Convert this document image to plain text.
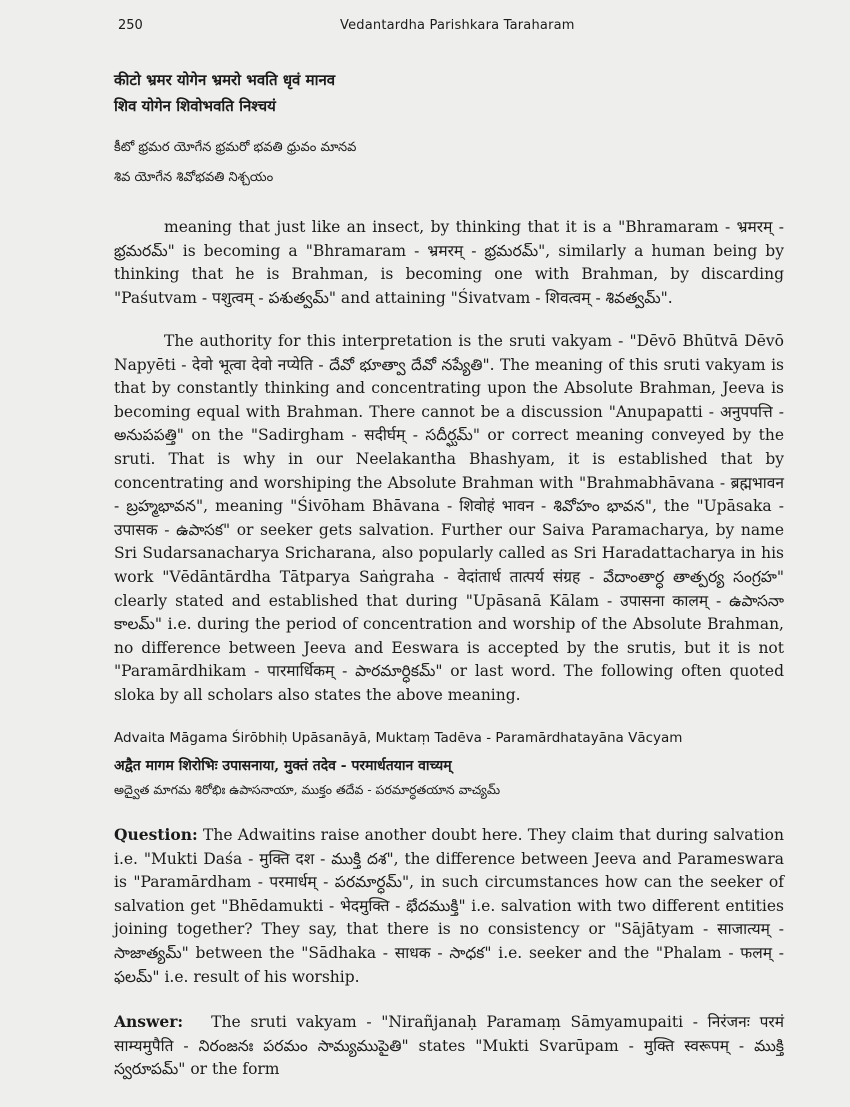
250	Vedantardha Parishkara Taraharam
कीटो भ्रमर योगेन भ्रमरो भवति धृवं मानव
शिव योगेन शिवोभवति निश्चयं
కీటో భ్రమర యోగేన భ్రమరో భవతి ధ్రువం మానవ
శివ యోగేన శివోభవతి నిశ్చయం

meaning that just like an insect, by thinking that it is a "Bhramaram - भ्रमरम् - భ్రమరమ్" is becoming a "Bhramaram - भ्रमरम् - భ్రమరమ్", similarly a human being by thinking that he is Brahman, is becoming one with Brahman, by discarding "Paśutvam - पशुत्वम् - పశుత్వమ్" and attaining "Śivatvam - शिवत्वम् - శివత్వమ్".

The authority for this interpretation is the sruti vakyam - "Dēvō Bhūtvā Dēvō Napyēti - देवो भूत्वा देवो नप्येति - దేవో భూత్వా దేవో నప్యేతి". The meaning of this sruti vakyam is that by constantly thinking and concentrating upon the Absolute Brahman, Jeeva is becoming equal with Brahman. There cannot be a discussion "Anupapatti - अनुपपत्ति - అనుపపత్తి" on the "Sadirgham - सदीर्घम् - సదీర్ఘమ్" or correct meaning conveyed by the sruti. That is why in our Neelakantha Bhashyam, it is established that by concentrating and worshiping the Absolute Brahman with "Brahmabhāvana - ब्रह्मभावन - బ్రహ్మభావన", meaning "Śivōham Bhāvana - शिवोहं भावन - శివోహం భావన", the "Upāsaka - उपासक - ఉపాసక" or seeker gets salvation. Further our Saiva Paramacharya, by name Sri Sudarsanacharya Sricharana, also popularly called as Sri Haradattacharya in his work "Vēdāntārdha Tātparya Saṅgraha - वेदांतार्ध तात्पर्य संग्रह - వేదాంతార్ధ తాత్పర్య సంగ్రహ" clearly stated and established that during "Upāsanā Kālam - उपासना कालम् - ఉపాసనా కాలమ్" i.e. during the period of concentration and worship of the Absolute Brahman, no difference between Jeeva and Eeswara is accepted by the srutis, but it is not "Paramārdhikam - पारमार्धिकम् - పారమార్ధికమ్" or last word. The following often quoted sloka by all scholars also states the above meaning.

Advaita Māgama Śirōbhiḥ Upāsanāyā, Muktaṃ Tadēva - Paramārdhatayāna Vācyam
अद्वैत मागम शिरोभिः उपासनाया, मुक्तं तदेव - परमार्धतयान वाच्यम्
అద్వైత మాగమ శిరోభిః ఉపాసనాయా, ముక్తం తదేవ - పరమార్ధతయాన వాచ్యమ్

Question: The Adwaitins raise another doubt here. They claim that during salvation i.e. "Mukti Daśa - मुक्ति दश - ముక్తి దశ", the difference between Jeeva and Parameswara is "Paramārdham - परमार्धम् - పరమార్ధమ్", in such circumstances how can the seeker of salvation get "Bhēdamukti - भेदमुक्ति - భేదముక్తి" i.e. salvation with two different entities joining together? They say, that there is no consistency or "Sājātyam - साजात्यम् - సాజాత్యమ్" between the "Sādhaka - साधक - సాధక" i.e. seeker and the "Phalam - फलम् - ఫలమ్" i.e. result of his worship.

Answer: The sruti vakyam - "Nirañjanaḥ Paramaṃ Sāmyamupaiti - निरंजनः परमं साम्यमुपैति - నిరంజనః పరమం సామ్యముపైతి" states "Mukti Svarūpam - मुक्ति स्वरूपम् - ముక్తి స్వరూపమ్" or the form
